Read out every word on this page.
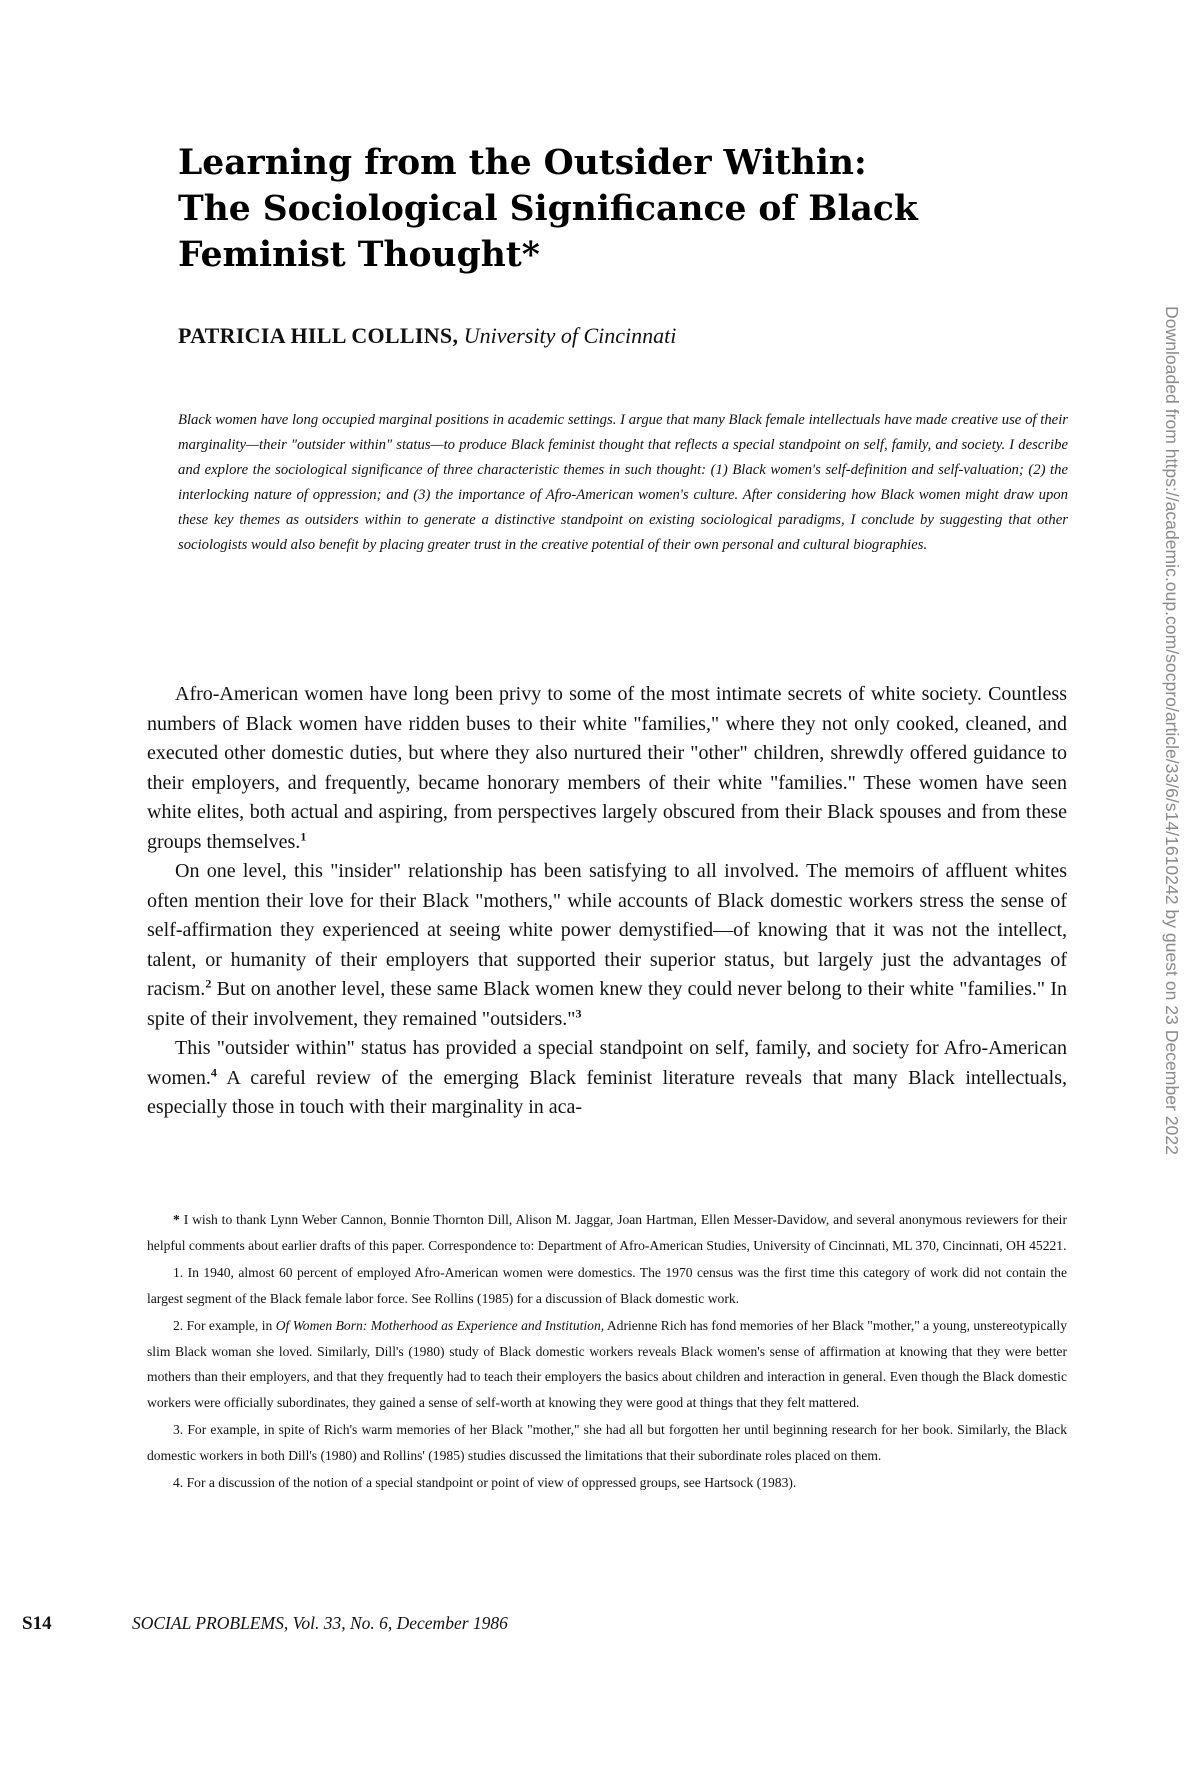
Learning from the Outsider Within:
The Sociological Significance of Black
Feminist Thought*
PATRICIA HILL COLLINS, University of Cincinnati
Black women have long occupied marginal positions in academic settings. I argue that many Black female intellectuals have made creative use of their marginality—their "outsider within" status—to produce Black feminist thought that reflects a special standpoint on self, family, and society. I describe and explore the sociological significance of three characteristic themes in such thought: (1) Black women's self-definition and self-valuation; (2) the interlocking nature of oppression; and (3) the importance of Afro-American women's culture. After considering how Black women might draw upon these key themes as outsiders within to generate a distinctive standpoint on existing sociological paradigms, I conclude by suggesting that other sociologists would also benefit by placing greater trust in the creative potential of their own personal and cultural biographies.

Afro-American women have long been privy to some of the most intimate secrets of white society. Countless numbers of Black women have ridden buses to their white "families," where they not only cooked, cleaned, and executed other domestic duties, but where they also nurtured their "other" children, shrewdly offered guidance to their employers, and frequently, became honorary members of their white "families." These women have seen white elites, both actual and aspiring, from perspectives largely obscured from their Black spouses and from these groups themselves.$^1$

On one level, this "insider" relationship has been satisfying to all involved. The memoirs of affluent whites often mention their love for their Black "mothers," while accounts of Black domestic workers stress the sense of self-affirmation they experienced at seeing white power demystified—of knowing that it was not the intellect, talent, or humanity of their employers that supported their superior status, but largely just the advantages of racism.$^2$ But on another level, these same Black women knew they could never belong to their white "families." In spite of their involvement, they remained "outsiders."$^3$

This "outsider within" status has provided a special standpoint on self, family, and society for Afro-American women.$^4$ A careful review of the emerging Black feminist literature reveals that many Black intellectuals, especially those in touch with their marginality in aca-

* I wish to thank Lynn Weber Cannon, Bonnie Thornton Dill, Alison M. Jaggar, Joan Hartman, Ellen Messer-Davidow, and several anonymous reviewers for their helpful comments about earlier drafts of this paper. Correspondence to: Department of Afro-American Studies, University of Cincinnati, ML 370, Cincinnati, OH 45221.

1. In 1940, almost 60 percent of employed Afro-American women were domestics. The 1970 census was the first time this category of work did not contain the largest segment of the Black female labor force. See Rollins (1985) for a discussion of Black domestic work.

2. For example, in Of Women Born: Motherhood as Experience and Institution, Adrienne Rich has fond memories of her Black "mother," a young, unstereotypically slim Black woman she loved. Similarly, Dill's (1980) study of Black domestic workers reveals Black women's sense of affirmation at knowing that they were better mothers than their employers, and that they frequently had to teach their employers the basics about children and interaction in general. Even though the Black domestic workers were officially subordinates, they gained a sense of self-worth at knowing they were good at things that they felt mattered.

3. For example, in spite of Rich's warm memories of her Black "mother," she had all but forgotten her until beginning research for her book. Similarly, the Black domestic workers in both Dill's (1980) and Rollins' (1985) studies discussed the limitations that their subordinate roles placed on them.

4. For a discussion of the notion of a special standpoint or point of view of oppressed groups, see Hartsock (1983).

S14	SOCIAL PROBLEMS, Vol. 33, No. 6, December 1986
Downloaded from https://academic.oup.com/socpro/article/33/6/s14/1610242 by guest on 23 December 2022
